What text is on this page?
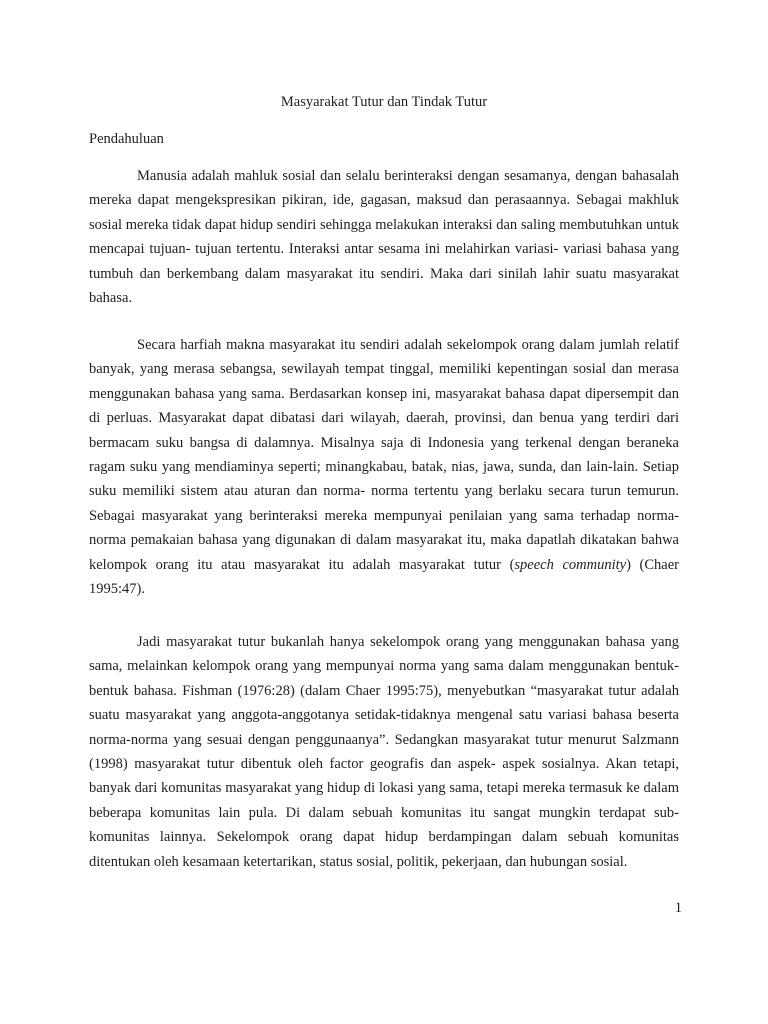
Masyarakat Tutur dan Tindak Tutur
Pendahuluan

Manusia adalah mahluk sosial dan selalu berinteraksi dengan sesamanya, dengan bahasalah mereka dapat mengekspresikan pikiran, ide, gagasan, maksud dan perasaannya. Sebagai makhluk sosial mereka tidak dapat hidup sendiri sehingga melakukan interaksi dan saling membutuhkan untuk mencapai tujuan- tujuan tertentu. Interaksi antar sesama ini melahirkan variasi- variasi bahasa yang tumbuh dan berkembang dalam masyarakat itu sendiri. Maka dari sinilah lahir suatu masyarakat bahasa.

Secara harfiah makna masyarakat itu sendiri adalah sekelompok orang dalam jumlah relatif banyak, yang merasa sebangsa, sewilayah tempat tinggal, memiliki kepentingan sosial dan merasa menggunakan bahasa yang sama. Berdasarkan konsep ini, masyarakat bahasa dapat dipersempit dan di perluas. Masyarakat dapat dibatasi dari wilayah, daerah, provinsi, dan benua yang terdiri dari bermacam suku bangsa di dalamnya. Misalnya saja di Indonesia yang terkenal dengan beraneka ragam suku yang mendiaminya seperti; minangkabau, batak, nias, jawa, sunda, dan lain-lain. Setiap suku memiliki sistem atau aturan dan norma- norma tertentu yang berlaku secara turun temurun. Sebagai masyarakat yang berinteraksi mereka mempunyai penilaian yang sama terhadap norma-norma pemakaian bahasa yang digunakan di dalam masyarakat itu, maka dapatlah dikatakan bahwa kelompok orang itu atau masyarakat itu adalah masyarakat tutur (speech community) (Chaer 1995:47).

Jadi masyarakat tutur bukanlah hanya sekelompok orang yang menggunakan bahasa yang sama, melainkan kelompok orang yang mempunyai norma yang sama dalam menggunakan bentuk-bentuk bahasa. Fishman (1976:28) (dalam Chaer 1995:75), menyebutkan “masyarakat tutur adalah suatu masyarakat yang anggota-anggotanya setidak-tidaknya mengenal satu variasi bahasa beserta norma-norma yang sesuai dengan penggunaanya”. Sedangkan masyarakat tutur menurut Salzmann (1998) masyarakat tutur dibentuk oleh factor geografis dan aspek- aspek sosialnya. Akan tetapi, banyak dari komunitas masyarakat yang hidup di lokasi yang sama, tetapi mereka termasuk ke dalam beberapa komunitas lain pula. Di dalam sebuah komunitas itu sangat mungkin terdapat sub- komunitas lainnya. Sekelompok orang dapat hidup berdampingan dalam sebuah komunitas ditentukan oleh kesamaan ketertarikan, status sosial, politik, pekerjaan, dan hubungan sosial.

1
